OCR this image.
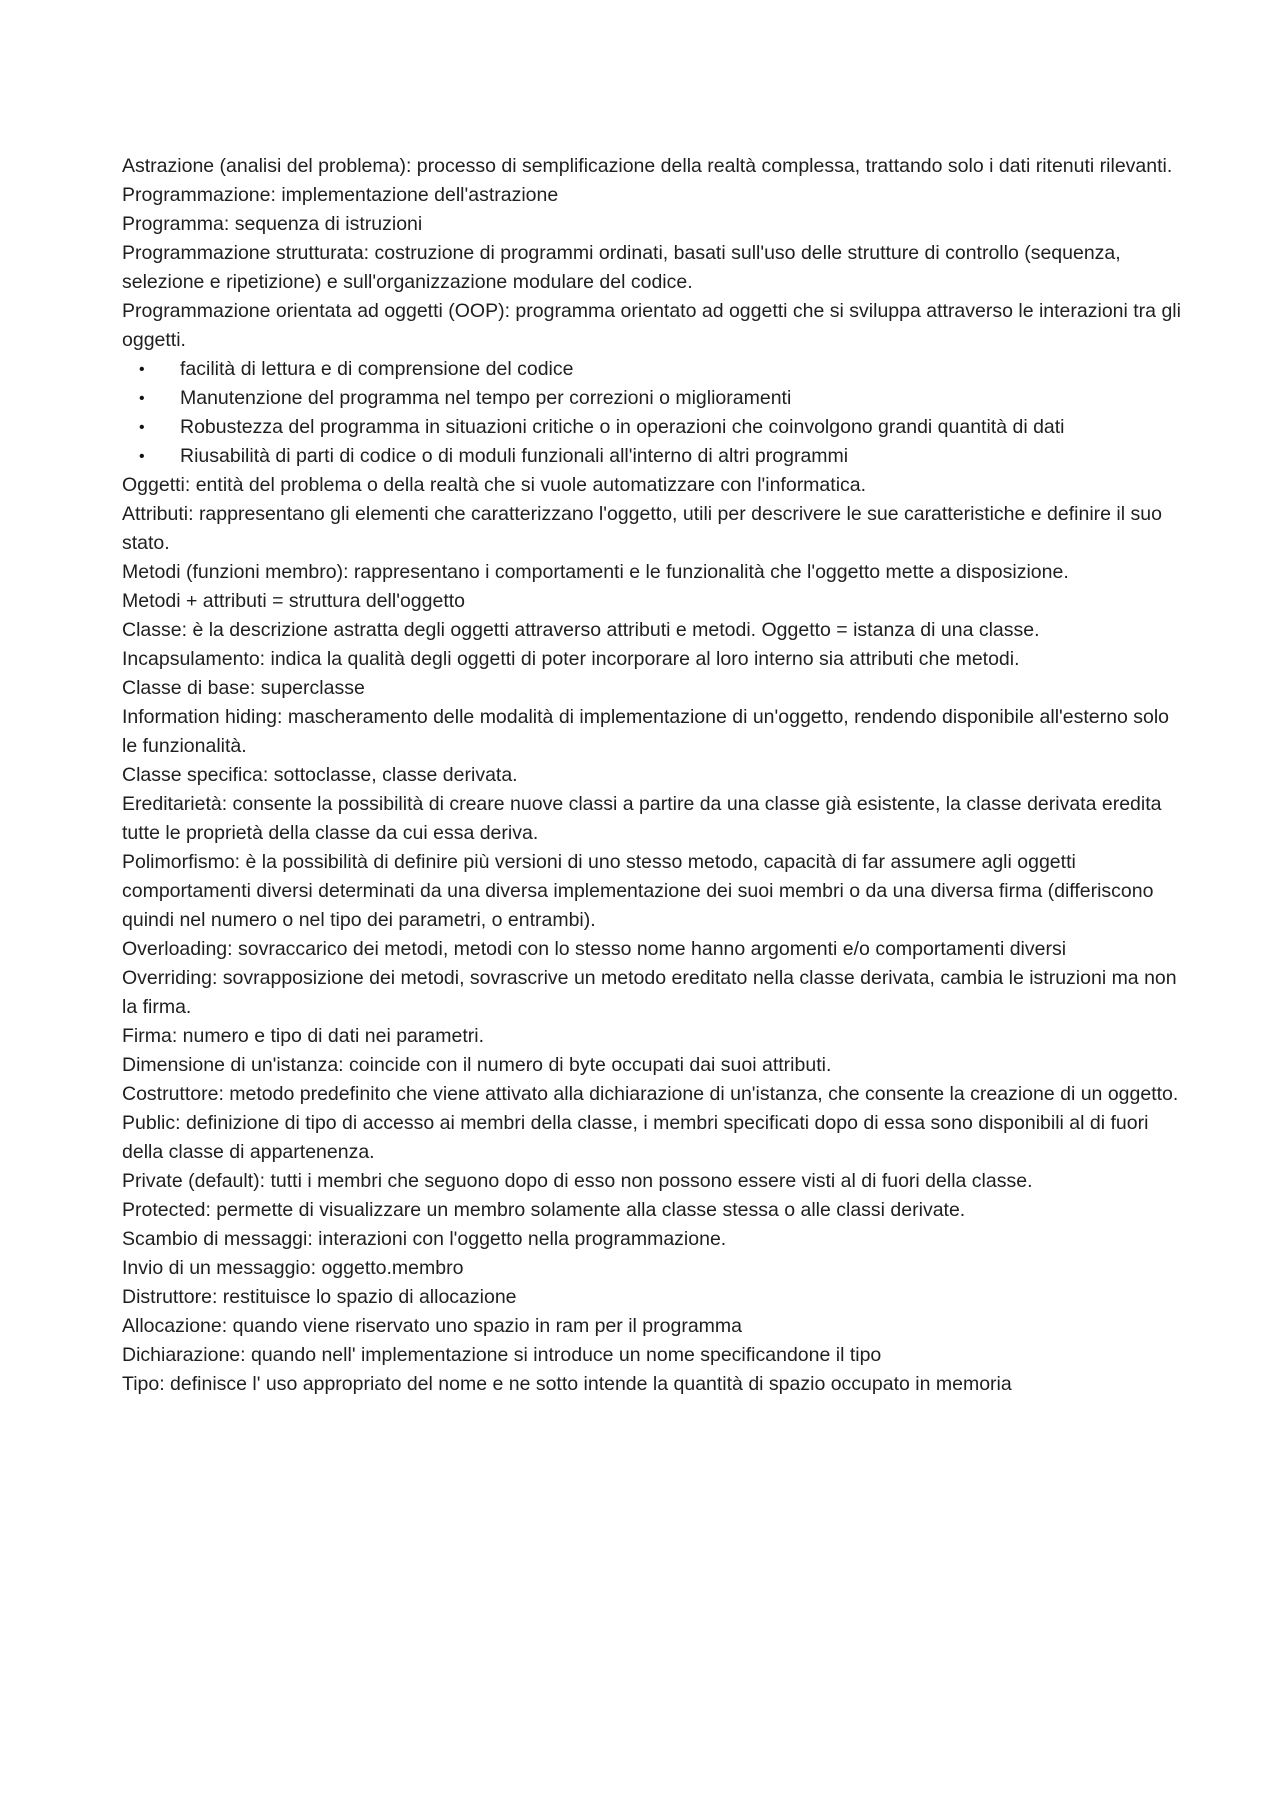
Astrazione (analisi del problema): processo di semplificazione della realtà complessa, trattando solo i dati ritenuti rilevanti.

Programmazione: implementazione dell'astrazione

Programma: sequenza di istruzioni

Programmazione strutturata: costruzione di programmi ordinati, basati sull'uso delle strutture di controllo (sequenza, selezione e ripetizione) e sull'organizzazione modulare del codice.

Programmazione orientata ad oggetti (OOP): programma orientato ad oggetti che si sviluppa attraverso le interazioni tra gli oggetti.

• facilità di lettura e di comprensione del codice
• Manutenzione del programma nel tempo per correzioni o miglioramenti
• Robustezza del programma in situazioni critiche o in operazioni che coinvolgono grandi quantità di dati
• Riusabilità di parti di codice o di moduli funzionali all'interno di altri programmi

Oggetti: entità del problema o della realtà che si vuole automatizzare con l'informatica.

Attributi: rappresentano gli elementi che caratterizzano l'oggetto, utili per descrivere le sue caratteristiche e definire il suo stato.

Metodi (funzioni membro): rappresentano i comportamenti e le funzionalità che l'oggetto mette a disposizione.

Metodi + attributi = struttura dell'oggetto

Classe: è la descrizione astratta degli oggetti attraverso attributi e metodi. Oggetto = istanza di una classe.

Incapsulamento: indica la qualità degli oggetti di poter incorporare al loro interno sia attributi che metodi.

Classe di base: superclasse

Information hiding: mascheramento delle modalità di implementazione di un'oggetto, rendendo disponibile all'esterno solo le funzionalità.

Classe specifica: sottoclasse, classe derivata.

Ereditarietà: consente la possibilità di creare nuove classi a partire da una classe già esistente, la classe derivata eredita tutte le proprietà della classe da cui essa deriva.

Polimorfismo: è la possibilità di definire più versioni di uno stesso metodo, capacità di far assumere agli oggetti comportamenti diversi determinati da una diversa implementazione dei suoi membri o da una diversa firma (differiscono quindi nel numero o nel tipo dei parametri, o entrambi).

Overloading: sovraccarico dei metodi, metodi con lo stesso nome hanno argomenti e/o comportamenti diversi

Overriding: sovrapposizione dei metodi, sovrascrive un metodo ereditato nella classe derivata, cambia le istruzioni ma non la firma.

Firma: numero e tipo di dati nei parametri.

Dimensione di un'istanza: coincide con il numero di byte occupati dai suoi attributi.

Costruttore: metodo predefinito che viene attivato alla dichiarazione di un'istanza, che consente la creazione di un oggetto.

Public: definizione di tipo di accesso ai membri della classe, i membri specificati dopo di essa sono disponibili al di fuori della classe di appartenenza.

Private (default): tutti i membri che seguono dopo di esso non possono essere visti al di fuori della classe.

Protected: permette di visualizzare un membro solamente alla classe stessa o alle classi derivate.

Scambio di messaggi: interazioni con l'oggetto nella programmazione.

Invio di un messaggio: oggetto.membro

Distruttore: restituisce lo spazio di allocazione

Allocazione: quando viene riservato uno spazio in ram per il programma

Dichiarazione: quando nell' implementazione si introduce un nome specificandone il tipo

Tipo: definisce l' uso appropriato del nome e ne sotto intende la quantità di spazio occupato in memoria
